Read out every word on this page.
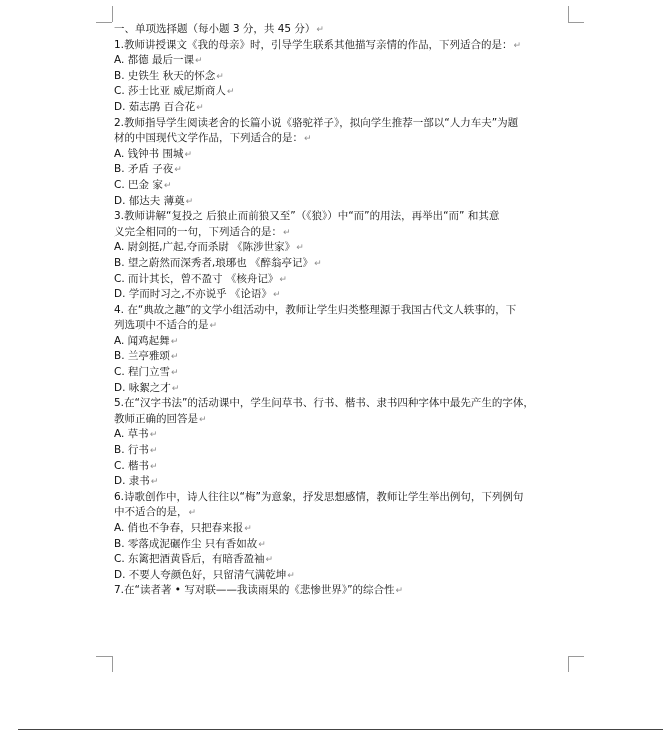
一、单项选择题（每小题 3 分，共 45 分）↵
1.教师讲授课文《我的母亲》时，引导学生联系其他描写亲情的作品，下列适合的是：↵
A. 都德 最后一课↵
B. 史铁生 秋天的怀念↵
C. 莎士比亚 威尼斯商人↵
D. 茹志鹃 百合花↵
2.教师指导学生阅读老舍的长篇小说《骆驼祥子》，拟向学生推荐一部以“人力车夫”为题
材的中国现代文学作品，下列适合的是：↵
A. 钱钟书 围城↵
B. 矛盾 子夜↵
C. 巴金 家↵
D. 郁达夫 薄奠↵
3.教师讲解“复投之 后狼止而前狼又至”（《狼》）中“而”的用法，再举出“而” 和其意
义完全相同的一句，下列适合的是：↵
A. 尉剑挺,广起,夺而杀尉 《陈涉世家》↵
B. 望之蔚然而深秀者,琅琊也 《醉翁亭记》↵
C. 而计其长，曾不盈寸 《核舟记》↵
D. 学而时习之,不亦说乎 《论语》↵
4. 在“典故之趣”的文学小组活动中，教师让学生归类整理源于我国古代文人轶事的，下
列选项中不适合的是↵
A. 闻鸡起舞↵
B. 兰亭雅颂↵
C. 程门立雪↵
D. 咏絮之才↵
5.在“汉字书法”的活动课中，学生问草书、行书、楷书、隶书四种字体中最先产生的字体，
教师正确的回答是↵
A. 草书↵
B. 行书↵
C. 楷书↵
D. 隶书↵
6.诗歌创作中，诗人往往以“梅”为意象，抒发思想感情，教师让学生举出例句，下列例句
中不适合的是，↵
A. 俏也不争春，只把春来报↵
B. 零落成泥碾作尘 只有香如故↵
C. 东篱把酒黄昏后，有暗香盈袖↵
D. 不要人夸颜色好，只留清气满乾坤↵
7.在“读者著 • 写对联——我读雨果的《悲惨世界》”的综合性↵
